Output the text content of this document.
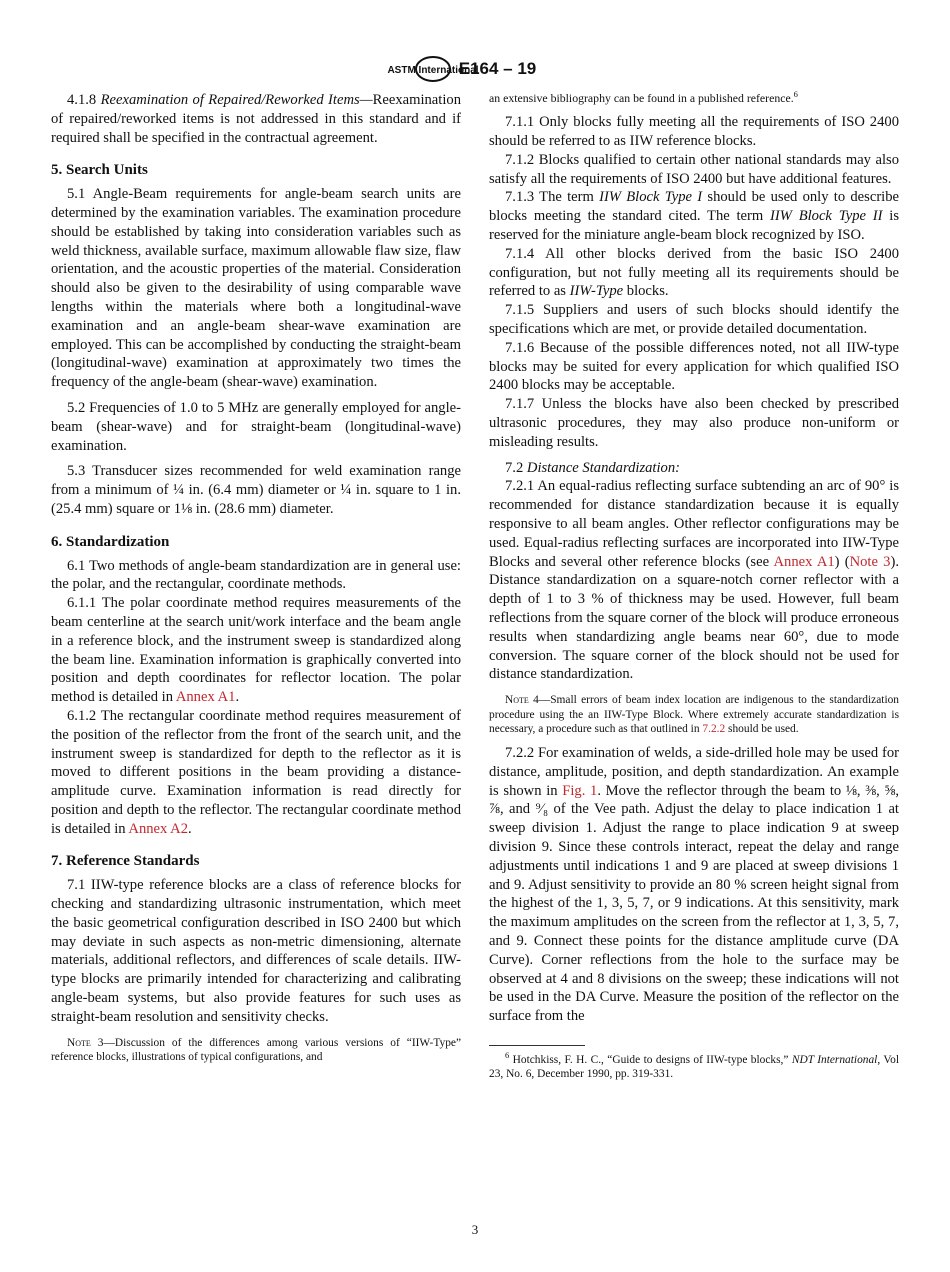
ASTM International
E164 – 19

4.1.8 Reexamination of Repaired/Reworked Items—Reexamination of repaired/reworked items is not addressed in this standard and if required shall be specified in the contractual agreement.

5. Search Units

5.1 Angle-Beam requirements for angle-beam search units are determined by the examination variables. The examination procedure should be established by taking into consideration variables such as weld thickness, available surface, maximum allowable flaw size, flaw orientation, and the acoustic properties of the material. Consideration should also be given to the desirability of using comparable wave lengths within the materials where both a longitudinal-wave examination and an angle-beam shear-wave examination are employed. This can be accomplished by conducting the straight-beam (longitudinal-wave) examination at approximately two times the frequency of the angle-beam (shear-wave) examination.

5.2 Frequencies of 1.0 to 5 MHz are generally employed for angle-beam (shear-wave) and for straight-beam (longitudinal-wave) examination.

5.3 Transducer sizes recommended for weld examination range from a minimum of ¼ in. (6.4 mm) diameter or ¼ in. square to 1 in. (25.4 mm) square or 1⅛ in. (28.6 mm) diameter.

6. Standardization

6.1 Two methods of angle-beam standardization are in general use: the polar, and the rectangular, coordinate methods.

6.1.1 The polar coordinate method requires measurements of the beam centerline at the search unit/work interface and the beam angle in a reference block, and the instrument sweep is standardized along the beam line. Examination information is graphically converted into position and depth coordinates for reflector location. The polar method is detailed in Annex A1.

6.1.2 The rectangular coordinate method requires measurement of the position of the reflector from the front of the search unit, and the instrument sweep is standardized for depth to the reflector as it is moved to different positions in the beam providing a distance-amplitude curve. Examination information is read directly for position and depth to the reflector. The rectangular coordinate method is detailed in Annex A2.

7. Reference Standards

7.1 IIW-type reference blocks are a class of reference blocks for checking and standardizing ultrasonic instrumentation, which meet the basic geometrical configuration described in ISO 2400 but which may deviate in such aspects as non-metric dimensioning, alternate materials, additional reflectors, and differences of scale details. IIW-type blocks are primarily intended for characterizing and calibrating angle-beam systems, but also provide features for such uses as straight-beam resolution and sensitivity checks.

Note 3—Discussion of the differences among various versions of “IIW-Type” reference blocks, illustrations of typical configurations, and
an extensive bibliography can be found in a published reference.$^6$

7.1.1 Only blocks fully meeting all the requirements of ISO 2400 should be referred to as IIW reference blocks.

7.1.2 Blocks qualified to certain other national standards may also satisfy all the requirements of ISO 2400 but have additional features.

7.1.3 The term IIW Block Type I should be used only to describe blocks meeting the standard cited. The term IIW Block Type II is reserved for the miniature angle-beam block recognized by ISO.

7.1.4 All other blocks derived from the basic ISO 2400 configuration, but not fully meeting all its requirements should be referred to as IIW-Type blocks.

7.1.5 Suppliers and users of such blocks should identify the specifications which are met, or provide detailed documentation.

7.1.6 Because of the possible differences noted, not all IIW-type blocks may be suited for every application for which qualified ISO 2400 blocks may be acceptable.

7.1.7 Unless the blocks have also been checked by prescribed ultrasonic procedures, they may also produce non-uniform or misleading results.

7.2 Distance Standardization:

7.2.1 An equal-radius reflecting surface subtending an arc of 90° is recommended for distance standardization because it is equally responsive to all beam angles. Other reflector configurations may be used. Equal-radius reflecting surfaces are incorporated into IIW-Type Blocks and several other reference blocks (see Annex A1) (Note 3). Distance standardization on a square-notch corner reflector with a depth of 1 to 3 % of thickness may be used. However, full beam reflections from the square corner of the block will produce erroneous results when standardizing angle beams near 60°, due to mode conversion. The square corner of the block should not be used for distance standardization.

Note 4—Small errors of beam index location are indigenous to the standardization procedure using the an IIW-Type Block. Where extremely accurate standardization is necessary, a procedure such as that outlined in 7.2.2 should be used.

7.2.2 For examination of welds, a side-drilled hole may be used for distance, amplitude, position, and depth standardization. An example is shown in Fig. 1. Move the reflector through the beam to ⅛, ⅜, ⅝, ⅞, and ⁹⁄₈ of the Vee path. Adjust the delay to place indication 1 at sweep division 1. Adjust the range to place indication 9 at sweep division 9. Since these controls interact, repeat the delay and range adjustments until indications 1 and 9 are placed at sweep divisions 1 and 9. Adjust sensitivity to provide an 80 % screen height signal from the highest of the 1, 3, 5, 7, or 9 indications. At this sensitivity, mark the maximum amplitudes on the screen from the reflector at 1, 3, 5, 7, and 9. Connect these points for the distance amplitude curve (DA Curve). Corner reflections from the hole to the surface may be observed at 4 and 8 divisions on the sweep; these indications will not be used in the DA Curve. Measure the position of the reflector on the surface from the

$^6$ Hotchkiss, F. H. C., “Guide to designs of IIW-type blocks,” NDT International, Vol 23, No. 6, December 1990, pp. 319-331.

3
